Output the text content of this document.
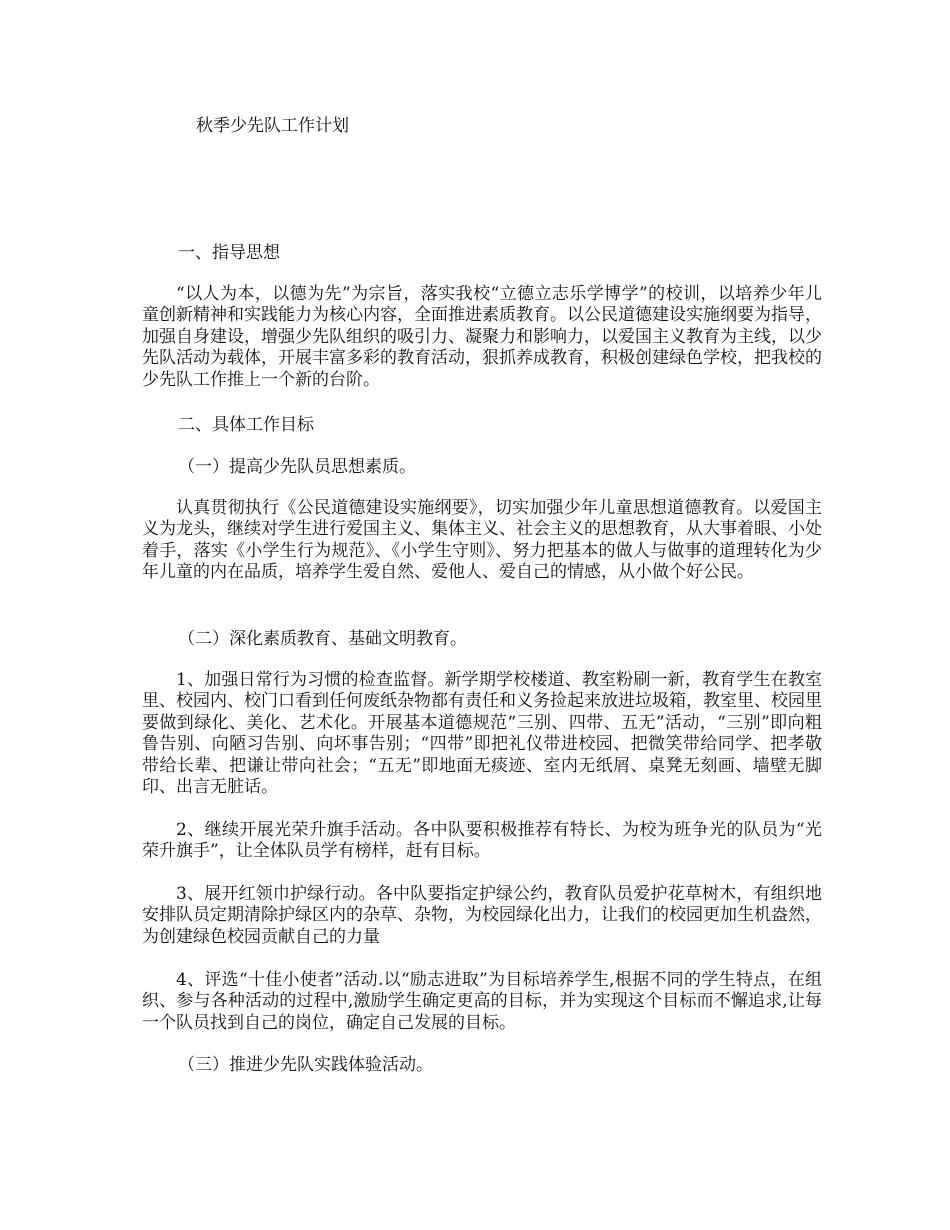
秋季少先队工作计划
一、指导思想
“以人为本，以德为先”为宗旨，落实我校“立德立志乐学博学”的校训，以培养少年儿童创新精神和实践能力为核心内容，全面推进素质教育。以公民道德建设实施纲要为指导，加强自身建设，增强少先队组织的吸引力、凝聚力和影响力，以爱国主义教育为主线，以少先队活动为载体，开展丰富多彩的教育活动，狠抓养成教育，积极创建绿色学校，把我校的少先队工作推上一个新的台阶。
二、具体工作目标
（一）提高少先队员思想素质。
认真贯彻执行《公民道德建设实施纲要》，切实加强少年儿童思想道德教育。以爱国主义为龙头，继续对学生进行爱国主义、集体主义、社会主义的思想教育，从大事着眼、小处着手，落实《小学生行为规范》、《小学生守则》、努力把基本的做人与做事的道理转化为少年儿童的内在品质，培养学生爱自然、爱他人、爱自己的情感，从小做个好公民。
（二）深化素质教育、基础文明教育。
1、加强日常行为习惯的检查监督。新学期学校楼道、教室粉刷一新，教育学生在教室里、校园内、校门口看到任何废纸杂物都有责任和义务捡起来放进垃圾箱，教室里、校园里要做到绿化、美化、艺术化。开展基本道德规范“三别、四带、五无”活动，“三别”即向粗鲁告别、向陋习告别、向坏事告别；“四带”即把礼仪带进校园、把微笑带给同学、把孝敬带给长辈、把谦让带向社会；“五无”即地面无痰迹、室内无纸屑、桌凳无刻画、墙壁无脚印、出言无脏话。
2、继续开展光荣升旗手活动。各中队要积极推荐有特长、为校为班争光的队员为“光荣升旗手”，让全体队员学有榜样，赶有目标。
3、展开红领巾护绿行动。各中队要指定护绿公约，教育队员爱护花草树木，有组织地安排队员定期清除护绿区内的杂草、杂物，为校园绿化出力，让我们的校园更加生机盎然，为创建绿色校园贡献自己的力量
4、评选“十佳小使者”活动.以“励志进取”为目标培养学生,根据不同的学生特点，在组织、参与各种活动的过程中,激励学生确定更高的目标，并为实现这个目标而不懈追求,让每一个队员找到自己的岗位，确定自己发展的目标。
（三）推进少先队实践体验活动。
